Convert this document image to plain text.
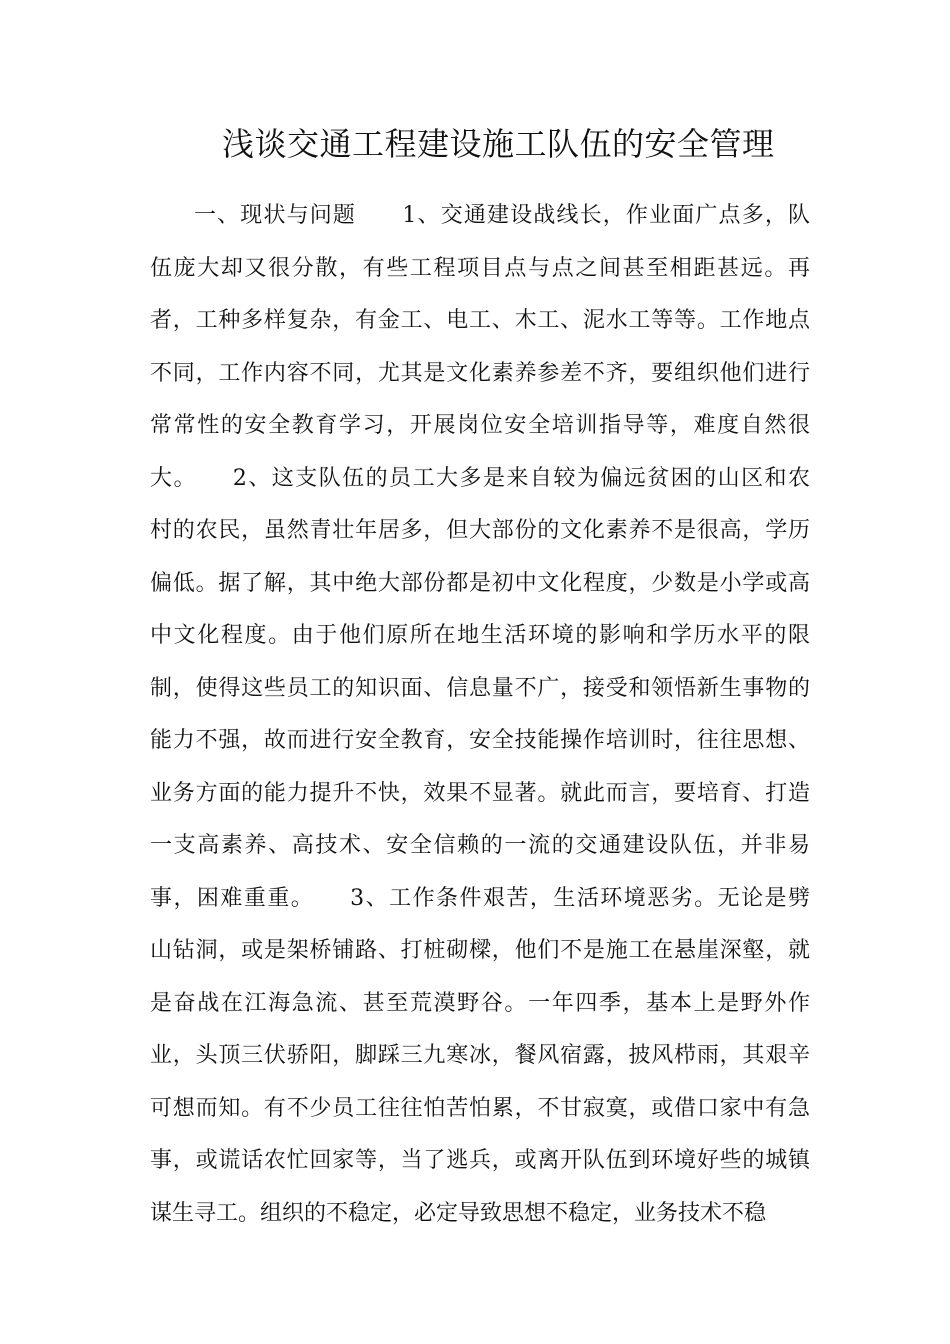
浅谈交通工程建设施工队伍的安全管理
一、现状与问题　　1、交通建设战线长，作业面广点多，队
伍庞大却又很分散，有些工程项目点与点之间甚至相距甚远。再
者，工种多样复杂，有金工、电工、木工、泥水工等等。工作地点
不同，工作内容不同，尤其是文化素养参差不齐，要组织他们进行
常常性的安全教育学习，开展岗位安全培训指导等，难度自然很
大。　　2、这支队伍的员工大多是来自较为偏远贫困的山区和农
村的农民，虽然青壮年居多，但大部份的文化素养不是很高，学历
偏低。据了解，其中绝大部份都是初中文化程度，少数是小学或高
中文化程度。由于他们原所在地生活环境的影响和学历水平的限
制，使得这些员工的知识面、信息量不广，接受和领悟新生事物的
能力不强，故而进行安全教育，安全技能操作培训时，往往思想、
业务方面的能力提升不快，效果不显著。就此而言，要培育、打造
一支高素养、高技术、安全信赖的一流的交通建设队伍，并非易
事，困难重重。　　3、工作条件艰苦，生活环境恶劣。无论是劈
山钻洞，或是架桥铺路、打桩砌樑，他们不是施工在悬崖深壑，就
是奋战在江海急流、甚至荒漠野谷。一年四季，基本上是野外作
业，头顶三伏骄阳，脚踩三九寒冰，餐风宿露，披风栉雨，其艰辛
可想而知。有不少员工往往怕苦怕累，不甘寂寞，或借口家中有急
事，或谎话农忙回家等，当了逃兵，或离开队伍到环境好些的城镇
谋生寻工。组织的不稳定，必定导致思想不稳定，业务技术不稳
